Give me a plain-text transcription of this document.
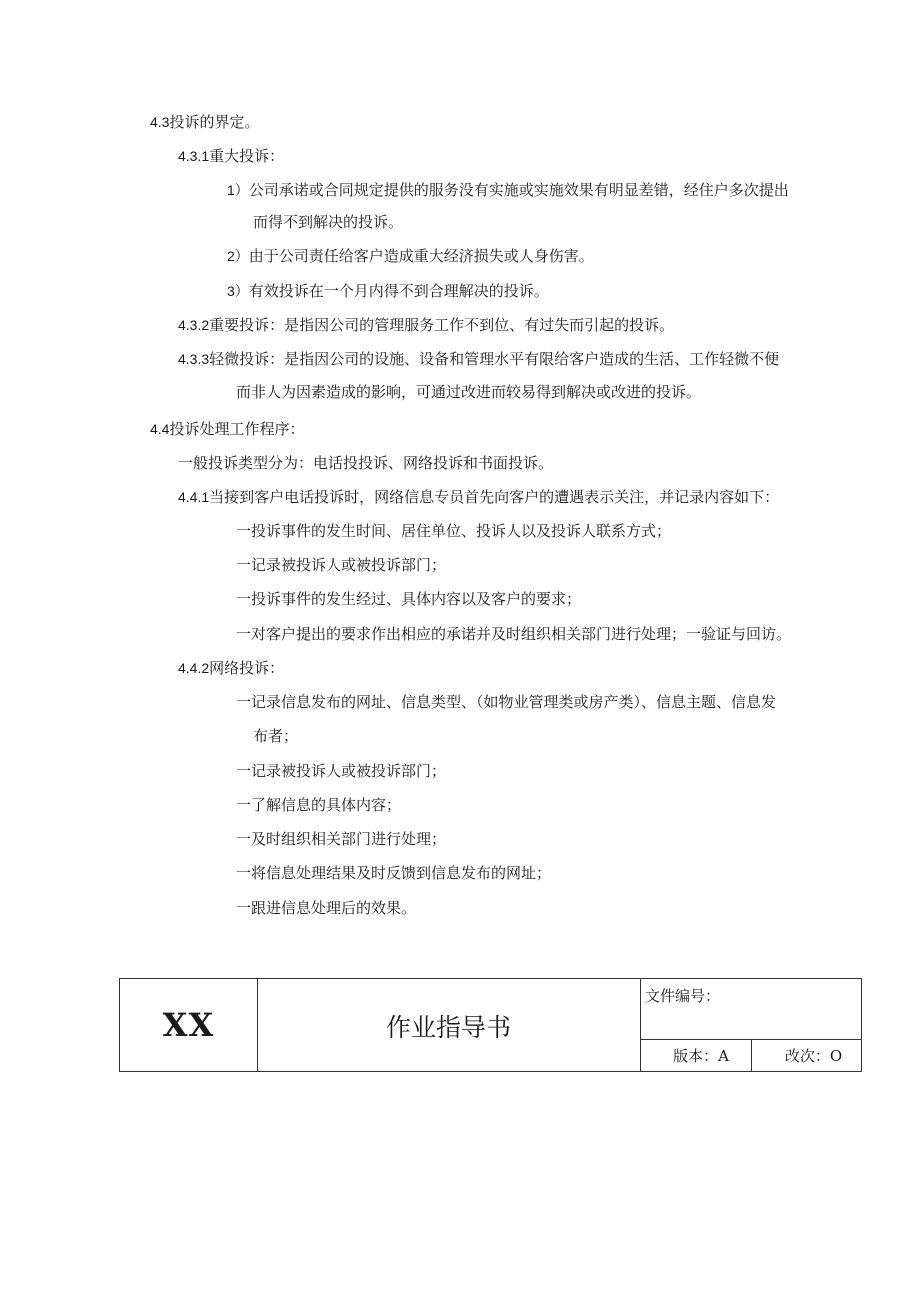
4.3投诉的界定。
4.3.1重大投诉：
1）公司承诺或合同规定提供的服务没有实施或实施效果有明显差错，经住户多次提出
而得不到解决的投诉。
2）由于公司责任给客户造成重大经济损失或人身伤害。
3）有效投诉在一个月内得不到合理解决的投诉。
4.3.2重要投诉：是指因公司的管理服务工作不到位、有过失而引起的投诉。
4.3.3轻微投诉：是指因公司的设施、设备和管理水平有限给客户造成的生活、工作轻微不便
而非人为因素造成的影响，可通过改进而较易得到解决或改进的投诉。
4.4投诉处理工作程序：
一般投诉类型分为：电话投投诉、网络投诉和书面投诉。
4.4.1当接到客户电话投诉时，网络信息专员首先向客户的遭遇表示关注，并记录内容如下：
一投诉事件的发生时间、居住单位、投诉人以及投诉人联系方式；
一记录被投诉人或被投诉部门；
一投诉事件的发生经过、具体内容以及客户的要求；
一对客户提出的要求作出相应的承诺并及时组织相关部门进行处理；一验证与回访。
4.4.2网络投诉：
一记录信息发布的网址、信息类型、（如物业管理类或房产类）、信息主题、信息发
布者；
一记录被投诉人或被投诉部门；
一了解信息的具体内容；
一及时组织相关部门进行处理；
一将信息处理结果及时反馈到信息发布的网址；
一跟进信息处理后的效果。
XX	作业指导书
文件编号：
版本：A	改次：O
